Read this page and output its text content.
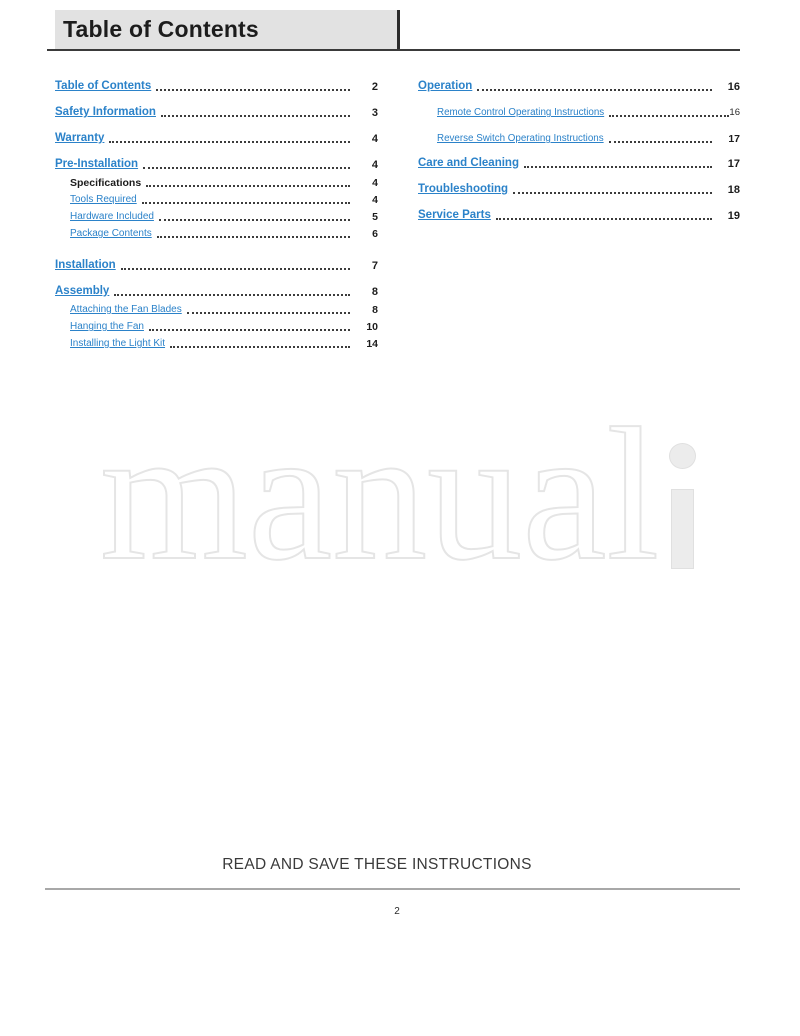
Table of Contents
Table of Contents	2
Safety Information	3
Warranty	4
Pre-Installation	4
Specifications	4
Tools Required	4
Hardware Included	5
Package Contents	6
Installation	7
Assembly	8
Attaching the Fan Blades	8
Hanging the Fan	10
Installing the Light Kit	14
Operation	16
Remote Control Operating Instructions	16
Reverse Switch Operating Instructions	17
Care and Cleaning	17
Troubleshooting	18
Service Parts	19
manual
READ AND SAVE THESE INSTRUCTIONS
2
